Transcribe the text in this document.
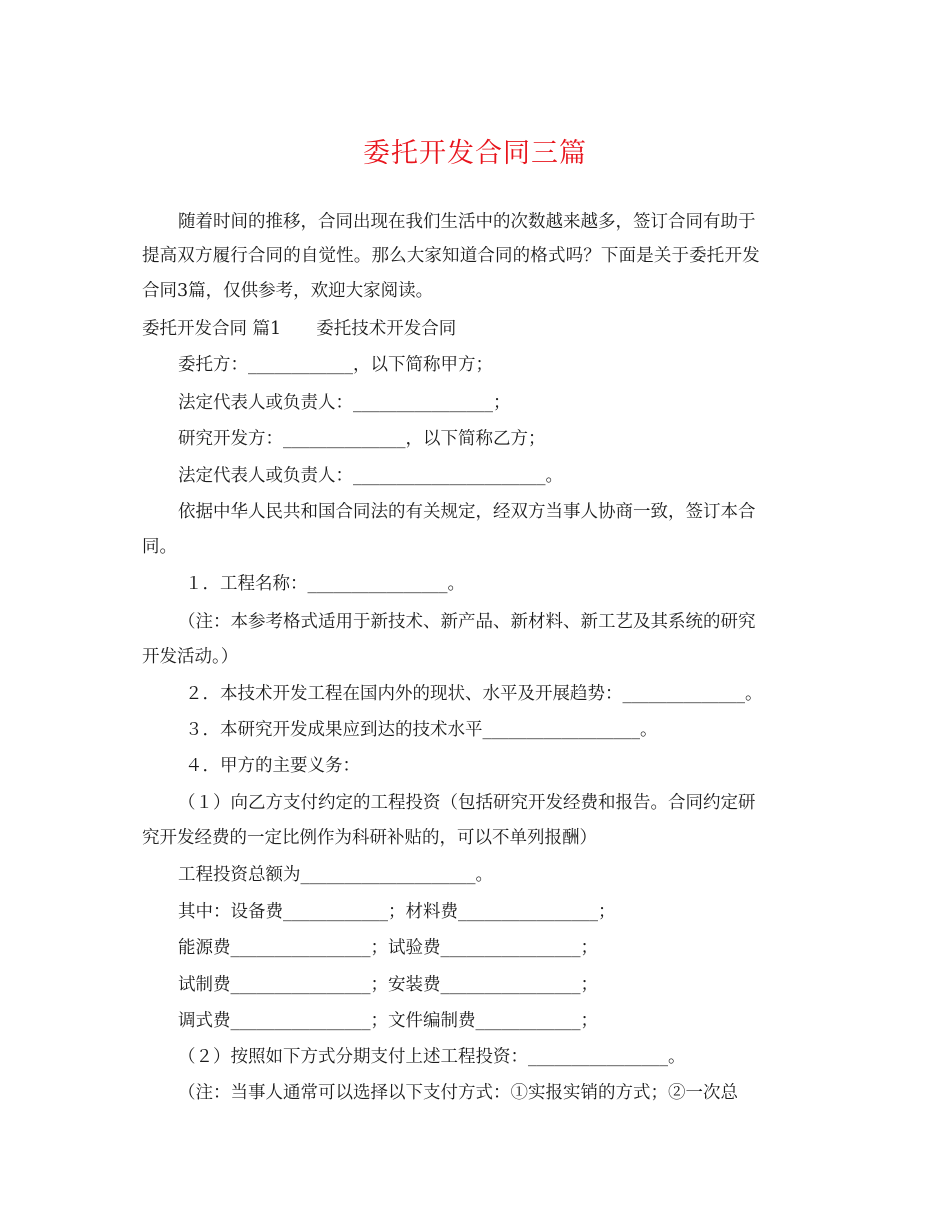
委托开发合同三篇
随着时间的推移，合同出现在我们生活中的次数越来越多，签订合同有助于
提高双方履行合同的自觉性。那么大家知道合同的格式吗？下面是关于委托开发
合同3篇，仅供参考，欢迎大家阅读。
委托开发合同 篇1　　委托技术开发合同
委托方：____________，以下简称甲方；
法定代表人或负责人：________________；
研究开发方：______________，以下简称乙方；
法定代表人或负责人：______________________。
依据中华人民共和国合同法的有关规定，经双方当事人协商一致，签订本合
同。
１．工程名称：________________。
（注：本参考格式适用于新技术、新产品、新材料、新工艺及其系统的研究
开发活动。）
２．本技术开发工程在国内外的现状、水平及开展趋势：______________。
３．本研究开发成果应到达的技术水平__________________。
４．甲方的主要义务：
（１）向乙方支付约定的工程投资（包括研究开发经费和报告。合同约定研
究开发经费的一定比例作为科研补贴的，可以不单列报酬）
工程投资总额为____________________。
其中：设备费____________；材料费________________；
能源费________________；试验费________________；
试制费________________；安装费________________；
调式费________________；文件编制费____________；
（２）按照如下方式分期支付上述工程投资：________________。
（注：当事人通常可以选择以下支付方式：①实报实销的方式；②一次总
